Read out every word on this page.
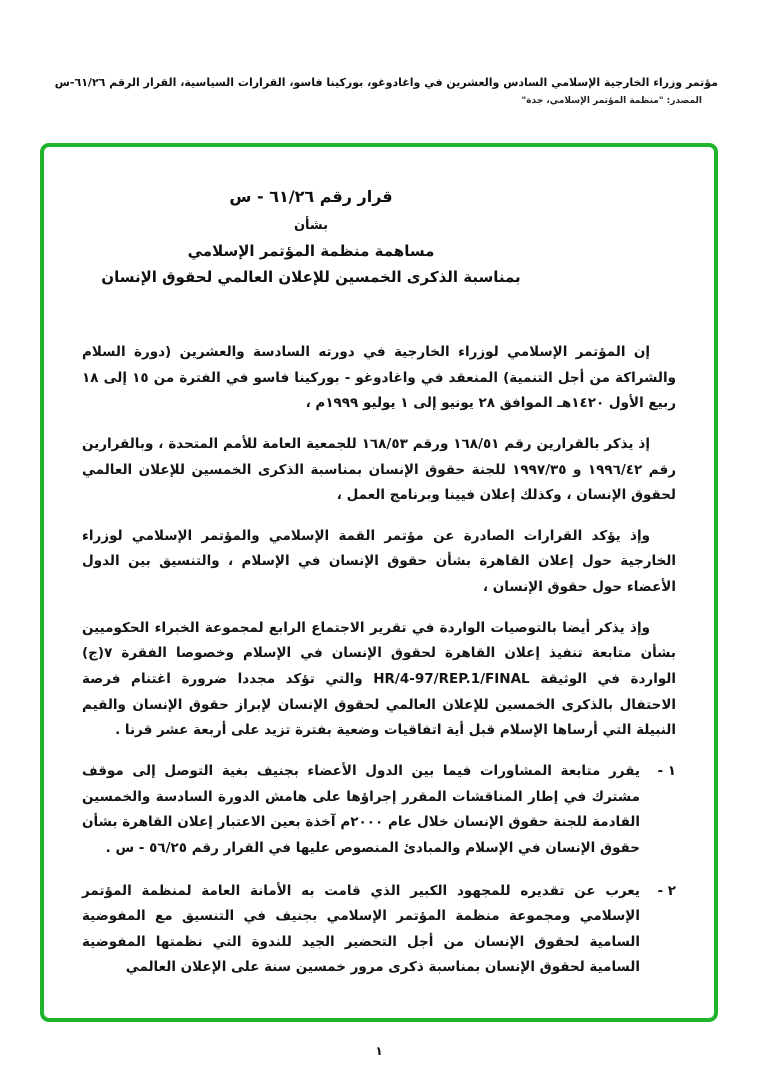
مؤتمر وزراء الخارجية الإسلامي السادس والعشرين في واغادوغو، بوركينا فاسو، القرارات السياسية، القرار الرقم ٦١/٢٦-س
المصدر: "منظمة المؤتمر الإسلامي، جدة"
قرار رقم ٦١/٢٦ - س
بشأن
مساهمة منظمة المؤتمر الإسلامي
بمناسبة الذكرى الخمسين للإعلان العالمي لحقوق الإنسان

إن المؤتمر الإسلامي لوزراء الخارجية في دورته السادسة والعشرين (دورة السلام والشراكة من أجل التنمية) المنعقد في واغادوغو - بوركينا فاسو في الفترة من ١٥ إلى ١٨ ربيع الأول ١٤٢٠هـ الموافق ٢٨ يونيو إلى ١ يوليو ١٩٩٩م ،

إذ يذكر بالقرارين رقم ١٦٨/٥١ ورقم ١٦٨/٥٣ للجمعية العامة للأمم المتحدة ، وبالقرارين رقم ١٩٩٦/٤٢ و ١٩٩٧/٣٥ للجنة حقوق الإنسان بمناسبة الذكرى الخمسين للإعلان العالمي لحقوق الإنسان ، وكذلك إعلان فيينا وبرنامج العمل ،

وإذ يؤكد القرارات الصادرة عن مؤتمر القمة الإسلامي والمؤتمر الإسلامي لوزراء الخارجية حول إعلان القاهرة بشأن حقوق الإنسان في الإسلام ، والتنسيق بين الدول الأعضاء حول حقوق الإنسان ،

وإذ يذكر أيضا بالتوصيات الواردة في تقرير الاجتماع الرابع لمجموعة الخبراء الحكوميين بشأن متابعة تنفيذ إعلان القاهرة لحقوق الإنسان في الإسلام وخصوصا الفقرة ٧(ج) الواردة في الوثيقة HR/4-97/REP.1/FINAL والتي تؤكد مجددا ضرورة اغتنام فرصة الاحتفال بالذكرى الخمسين للإعلان العالمي لحقوق الإنسان لإبراز حقوق الإنسان والقيم النبيلة التي أرساها الإسلام قبل أية اتفاقيات وضعية بفترة تزيد على أربعة عشر قرنا .

١ -

يقرر متابعة المشاورات فيما بين الدول الأعضاء بجنيف بغية التوصل إلى موقف مشترك في إطار المناقشات المقرر إجراؤها على هامش الدورة السادسة والخمسين القادمة للجنة حقوق الإنسان خلال عام ٢٠٠٠م آخذة بعين الاعتبار إعلان القاهرة بشأن حقوق الإنسان في الإسلام والمبادئ المنصوص عليها في القرار رقم ٥٦/٢٥ - س .

٢ -

يعرب عن تقديره للمجهود الكبير الذي قامت به الأمانة العامة لمنظمة المؤتمر الإسلامي ومجموعة منظمة المؤتمر الإسلامي بجنيف في التنسيق مع المفوضية السامية لحقوق الإنسان من أجل التحضير الجيد للندوة التي نظمتها المفوضية السامية لحقوق الإنسان بمناسبة ذكرى مرور خمسين سنة على الإعلان العالمي

١
